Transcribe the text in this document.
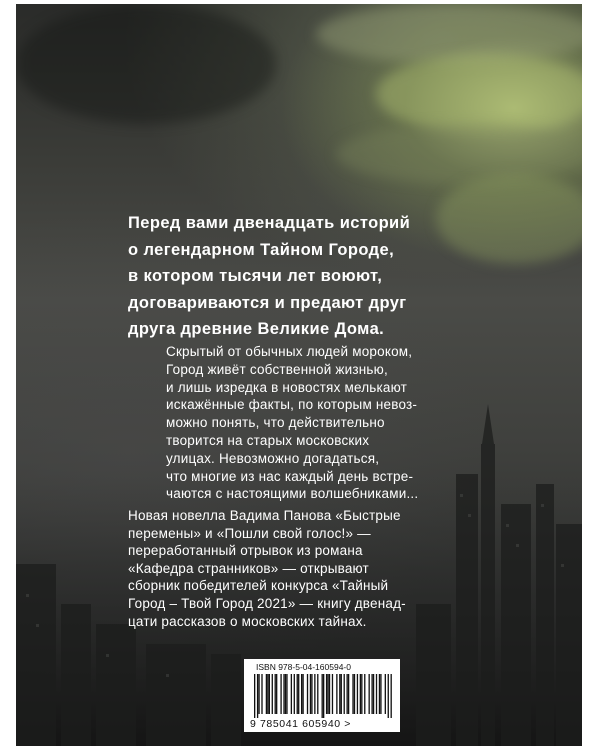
Перед вами двенадцать историй
о легендарном Тайном Городе,
в котором тысячи лет воюют,
договариваются и предают друг
друга древние Великие Дома.

Скрытый от обычных людей мороком,
Город живёт собственной жизнью,
и лишь изредка в новостях мелькают
искажённые факты, по которым невоз-
можно понять, что действительно
творится на старых московских
улицах. Невозможно догадаться,
что многие из нас каждый день встре-
чаются с настоящими волшебниками...

Новая новелла Вадима Панова «Быстрые
перемены» и «Пошли свой голос!» —
переработанный отрывок из романа
«Кафедра странников» — открывают
сборник победителей конкурса «Тайный
Город – Твой Город 2021» — книгу двенад-
цати рассказов о московских тайнах.

ISBN 978-5-04-160594-0
9 785041 605940 >
